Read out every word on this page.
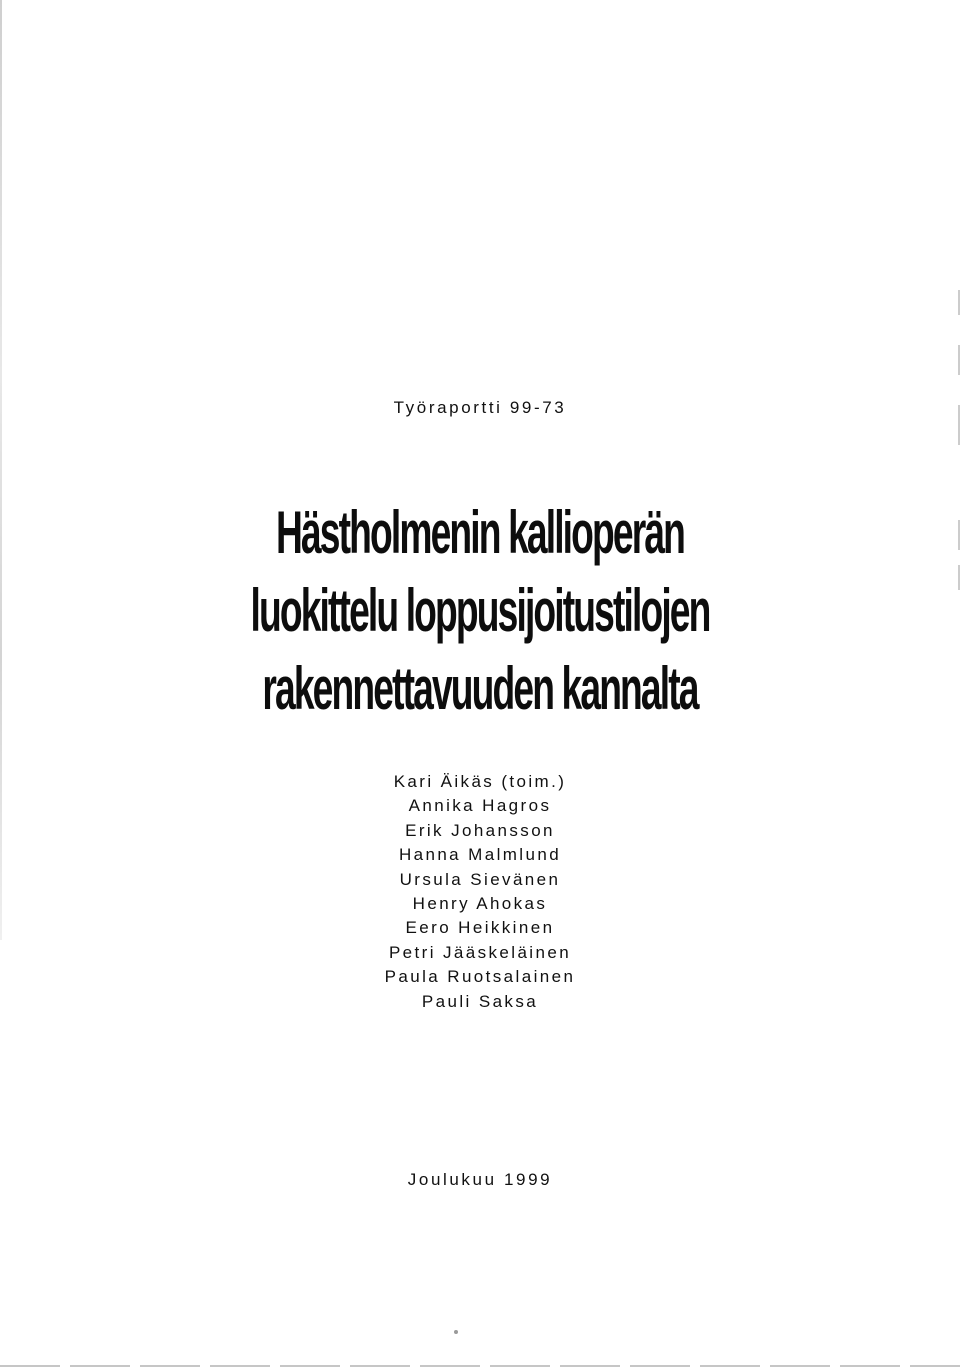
Työraportti 99-73
Hästholmenin kallioperän
luokittelu loppusijoitustilojen
rakennettavuuden kannalta
Kari Äikäs (toim.)
Annika Hagros
Erik Johansson
Hanna Malmlund
Ursula Sievänen
Henry Ahokas
Eero Heikkinen
Petri Jääskeläinen
Paula Ruotsalainen
Pauli Saksa
Joulukuu 1999
